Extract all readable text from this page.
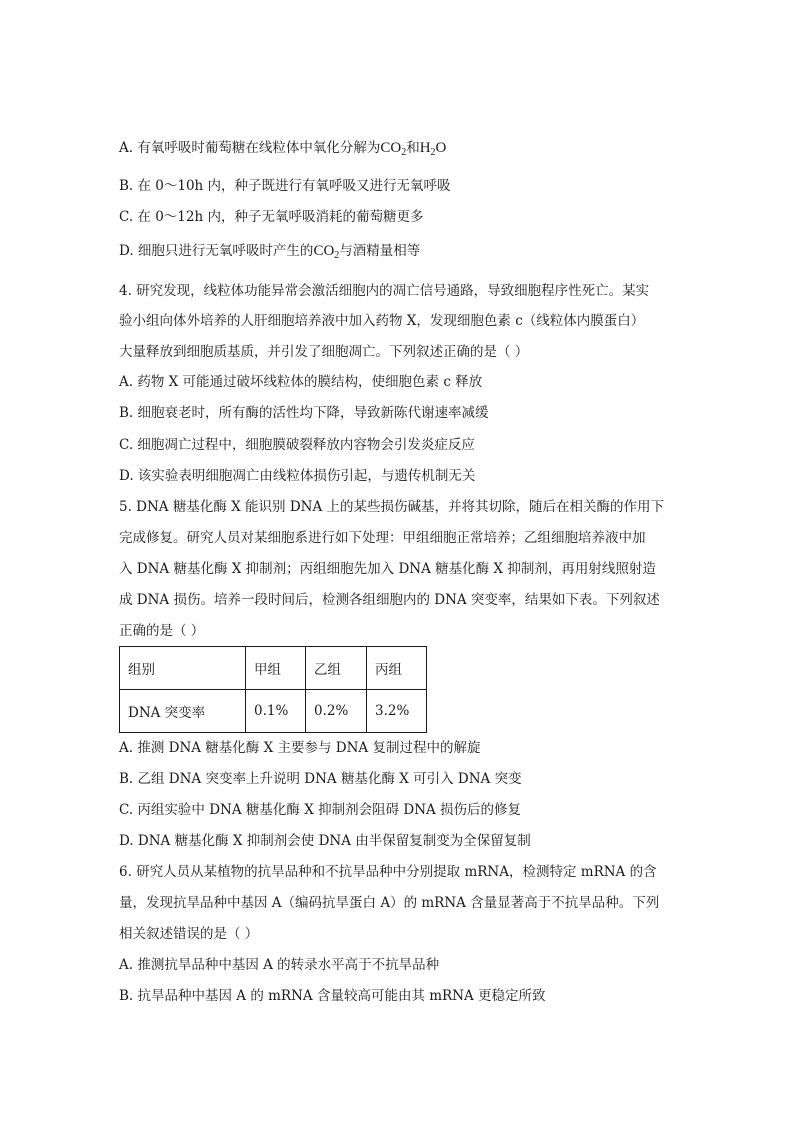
A. 有氧呼吸时葡萄糖在线粒体中氧化分解为$CO_2$和$H_2O$
B. 在 0～10h 内，种子既进行有氧呼吸又进行无氧呼吸
C. 在 0～12h 内，种子无氧呼吸消耗的葡萄糖更多
D. 细胞只进行无氧呼吸时产生的$CO_2$与酒精量相等
4. 研究发现，线粒体功能异常会激活细胞内的凋亡信号通路，导致细胞程序性死亡。某实
验小组向体外培养的人肝细胞培养液中加入药物 X，发现细胞色素 c（线粒体内膜蛋白）
大量释放到细胞质基质，并引发了细胞凋亡。下列叙述正确的是（ ）
A. 药物 X 可能通过破坏线粒体的膜结构，使细胞色素 c 释放
B. 细胞衰老时，所有酶的活性均下降，导致新陈代谢速率减缓
C. 细胞凋亡过程中，细胞膜破裂释放内容物会引发炎症反应
D. 该实验表明细胞凋亡由线粒体损伤引起，与遗传机制无关
5. DNA 糖基化酶 X 能识别 DNA 上的某些损伤碱基，并将其切除，随后在相关酶的作用下
完成修复。研究人员对某细胞系进行如下处理：甲组细胞正常培养；乙组细胞培养液中加
入 DNA 糖基化酶 X 抑制剂；丙组细胞先加入 DNA 糖基化酶 X 抑制剂，再用射线照射造
成 DNA 损伤。培养一段时间后，检测各组细胞内的 DNA 突变率，结果如下表。下列叙述
正确的是（ ）
组别	甲组	乙组	丙组
DNA 突变率	0.1%	0.2%	3.2%
A. 推测 DNA 糖基化酶 X 主要参与 DNA 复制过程中的解旋
B. 乙组 DNA 突变率上升说明 DNA 糖基化酶 X 可引入 DNA 突变
C. 丙组实验中 DNA 糖基化酶 X 抑制剂会阻碍 DNA 损伤后的修复
D. DNA 糖基化酶 X 抑制剂会使 DNA 由半保留复制变为全保留复制
6. 研究人员从某植物的抗旱品种和不抗旱品种中分别提取 mRNA，检测特定 mRNA 的含
量，发现抗旱品种中基因 A（编码抗旱蛋白 A）的 mRNA 含量显著高于不抗旱品种。下列
相关叙述错误的是（ ）
A. 推测抗旱品种中基因 A 的转录水平高于不抗旱品种
B. 抗旱品种中基因 A 的 mRNA 含量较高可能由其 mRNA 更稳定所致
